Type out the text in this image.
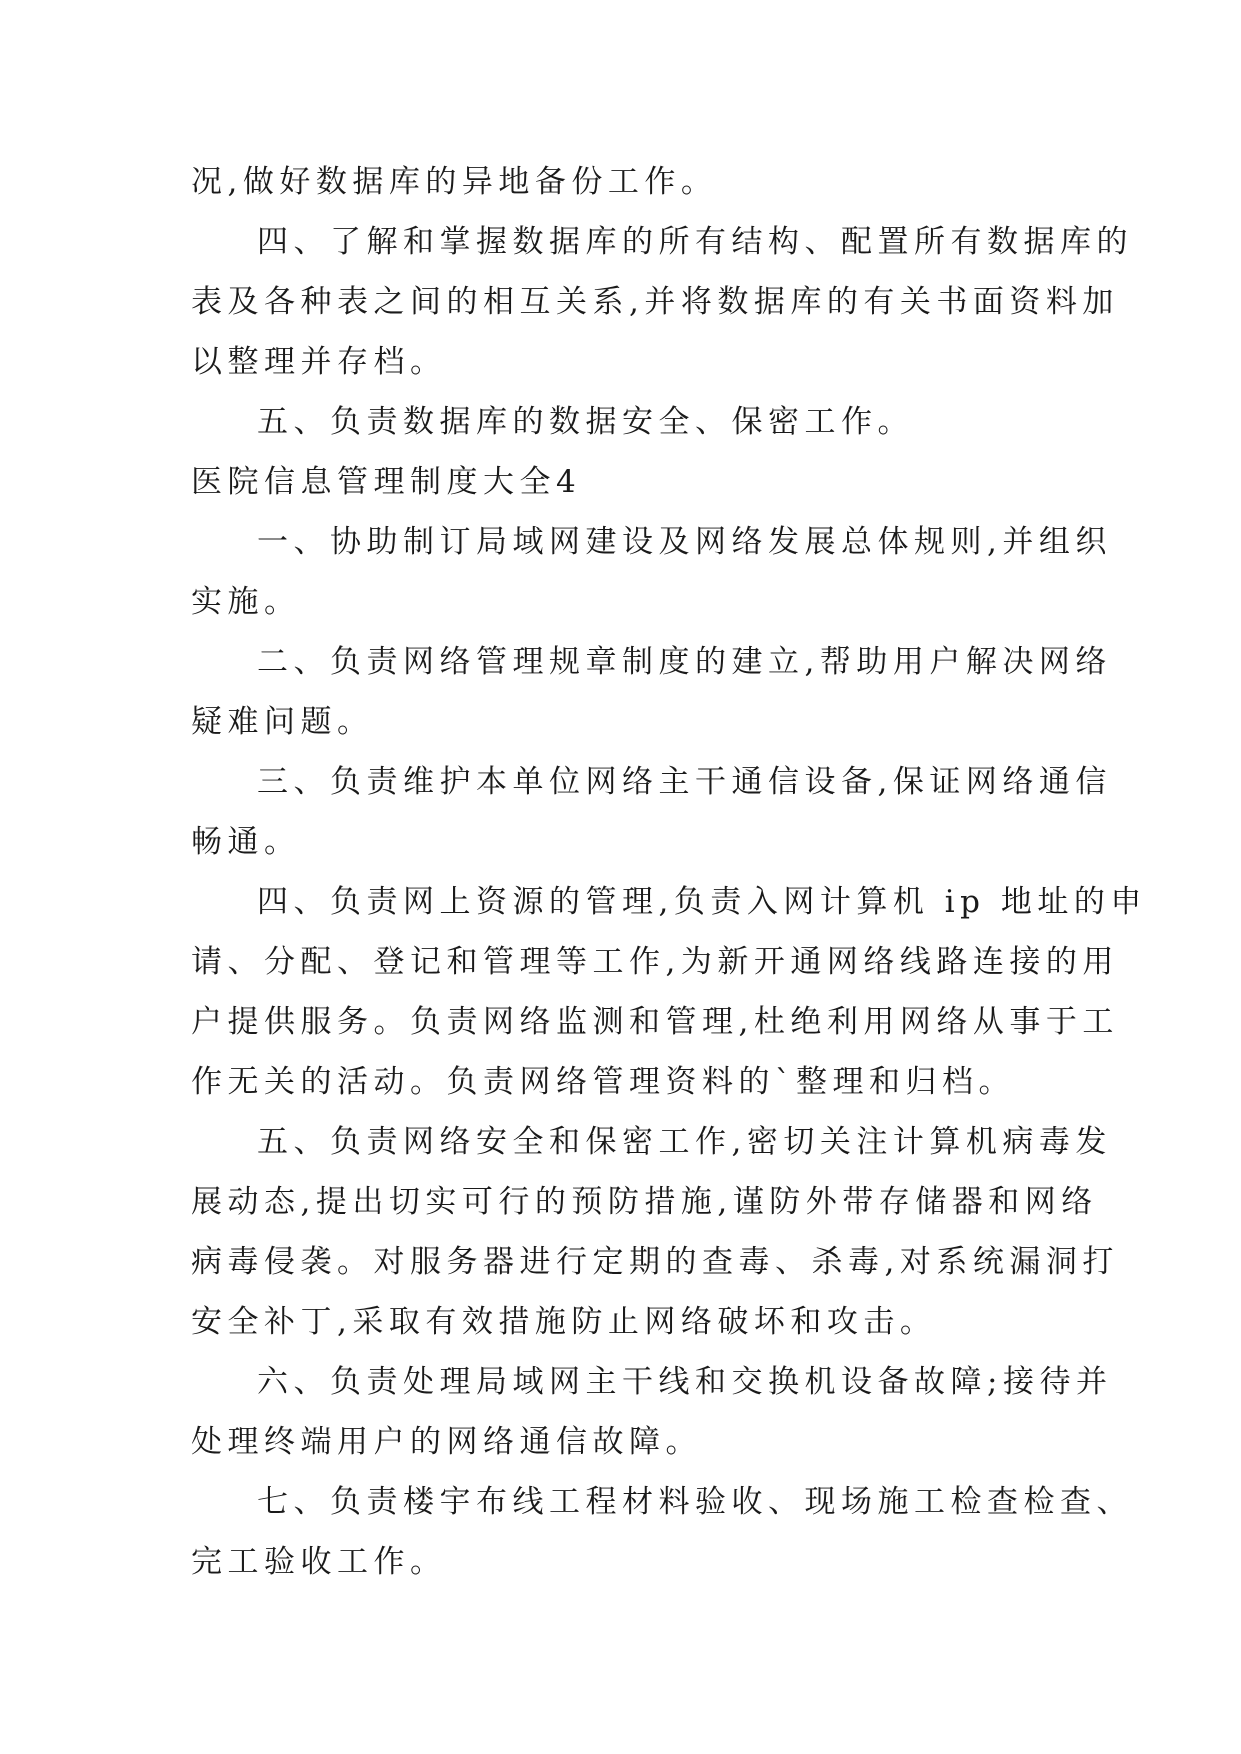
况,做好数据库的异地备份工作。
四、了解和掌握数据库的所有结构、配置所有数据库的
表及各种表之间的相互关系,并将数据库的有关书面资料加
以整理并存档。
五、负责数据库的数据安全、保密工作。
医院信息管理制度大全4
一、协助制订局域网建设及网络发展总体规则,并组织
实施。
二、负责网络管理规章制度的建立,帮助用户解决网络
疑难问题。
三、负责维护本单位网络主干通信设备,保证网络通信
畅通。
四、负责网上资源的管理,负责入网计算机 ip 地址的申
请、分配、登记和管理等工作,为新开通网络线路连接的用
户提供服务。负责网络监测和管理,杜绝利用网络从事于工
作无关的活动。负责网络管理资料的`整理和归档。
五、负责网络安全和保密工作,密切关注计算机病毒发
展动态,提出切实可行的预防措施,谨防外带存储器和网络
病毒侵袭。对服务器进行定期的查毒、杀毒,对系统漏洞打
安全补丁,采取有效措施防止网络破坏和攻击。
六、负责处理局域网主干线和交换机设备故障;接待并
处理终端用户的网络通信故障。
七、负责楼宇布线工程材料验收、现场施工检查检查、
完工验收工作。
